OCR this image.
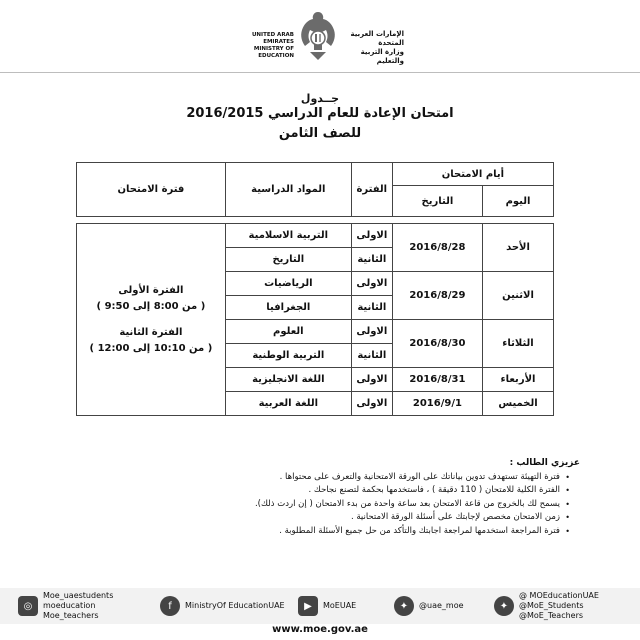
UNITED ARAB EMIRATES
MINISTRY OF EDUCATION
الإمارات العربية المتحدة
وزارة التربية والتعليم
جــدول
امتحان الإعادة للعام الدراسي 2016/2015
للصف الثامن
أيام الامتحان		الفترة	المواد الدراسية	فترة الامتحان
اليوم	التاريخ			

الأحد	2016/8/28	الاولى	التربية الاسلامية	الفترة الأولى
( من 8:00 إلى 9:50 )
الفترة الثانية
( من 10:10 إلى 12:00 )

		الثانية	التاريخ	
الاثنين	2016/8/29	الاولى	الرياضيات	
		الثانية	الجغرافيا	
الثلاثاء	2016/8/30	الاولى	العلوم	
		الثانية	التربية الوطنية	
الأربعاء	2016/8/31	الاولى	اللغة الانجليزية	
الخميس	2016/9/1	الاولى	اللغة العربية	
عزيزي الطالب :
•
فترة التهيئة تستهدف تدوين بياناتك على الورقة الامتحانية والتعرف على محتواها .
•
الفترة الكلية للامتحان ( 110 دقيقة ) ، فاستخدمها بحكمة لتصنع نجاحك .
•
يسمح لك بالخروج من قاعة الامتحان بعد ساعة واحدة من بدء الامتحان ( إن اردت ذلك).
•
زمن الامتحان مخصص لإجابتك على أسئلة الورقة الامتحانية .
•
فترة المراجعة استخدمها لمراجعة اجابتك والتأكد من حل جميع الأسئلة المطلوبة .
◎
Moe_uaestudents
moeducation
Moe_teachers
f	MinistryOf EducationUAE	▶	MoEUAE	✦	@uae_moe	✦
@ MOEducationUAE
@MoE_Students
@MoE_Teachers
www.moe.gov.ae
